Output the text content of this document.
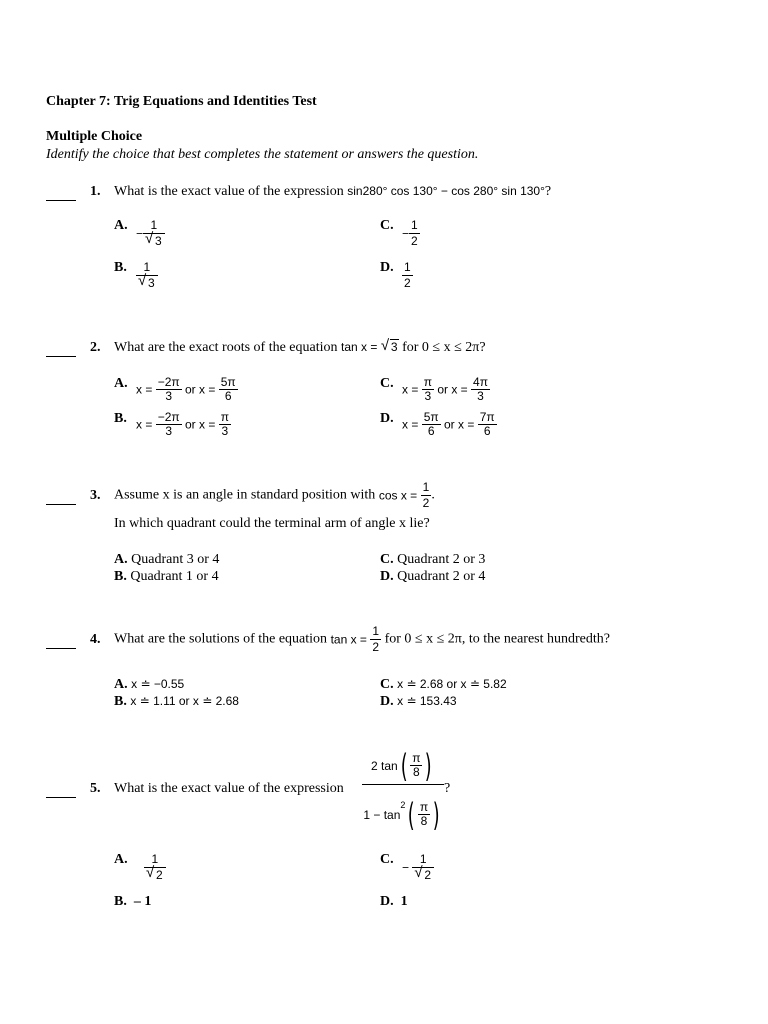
Chapter 7: Trig Equations and Identities Test
Multiple Choice
Identify the choice that best completes the statement or answers the question.
1. What is the exact value of the expression sin280° cos 130° − cos 280° sin 130°?
A.
− $\frac{1}{√ 3}$
B. $\frac{1}{√ 3}$
C.
− $\frac{1}{2}$
D. $\frac{1}{2}$
2. What are the exact roots of the equation tan x = √ 3 for 0 ≤ x ≤ 2π?
A. $x = \frac{-2\pi}{3}$ or $x = \frac{5\pi}{6}$
B. $x = \frac{-2\pi}{3}$ or $x = \frac{\pi}{3}$
C. $x = \frac{\pi}{3}$ or $x = \frac{4\pi}{3}$
D. $x = \frac{5\pi}{6}$ or $x = \frac{7\pi}{6}$
3. Assume x is an angle in standard position with $\cos x = \frac{1}{2}$ .
In which quadrant could the terminal arm of angle x lie?
A. Quadrant 3 or 4
B. Quadrant 1 or 4
C. Quadrant 2 or 3
D. Quadrant 2 or 4
4. What are the solutions of the equation $\tan x = \frac{1}{2}$ for 0 ≤ x ≤ 2π, to the nearest hundredth?
A. x ≐ −0.55
B. x ≐ 1.11 or x ≐ 2.68
C. x ≐ 2.68 or x ≐ 5.82
D. x ≐ 153.43
5. What is the exact value of the expression $\frac{2 \tan( \frac{\pi}{8} )}{1 - \tan^2( \frac{\pi}{8} )}$ ?
A. $\frac{1}{√ 2}$
B. – 1
C.
− $\frac{1}{√ 2}$
D. 1
